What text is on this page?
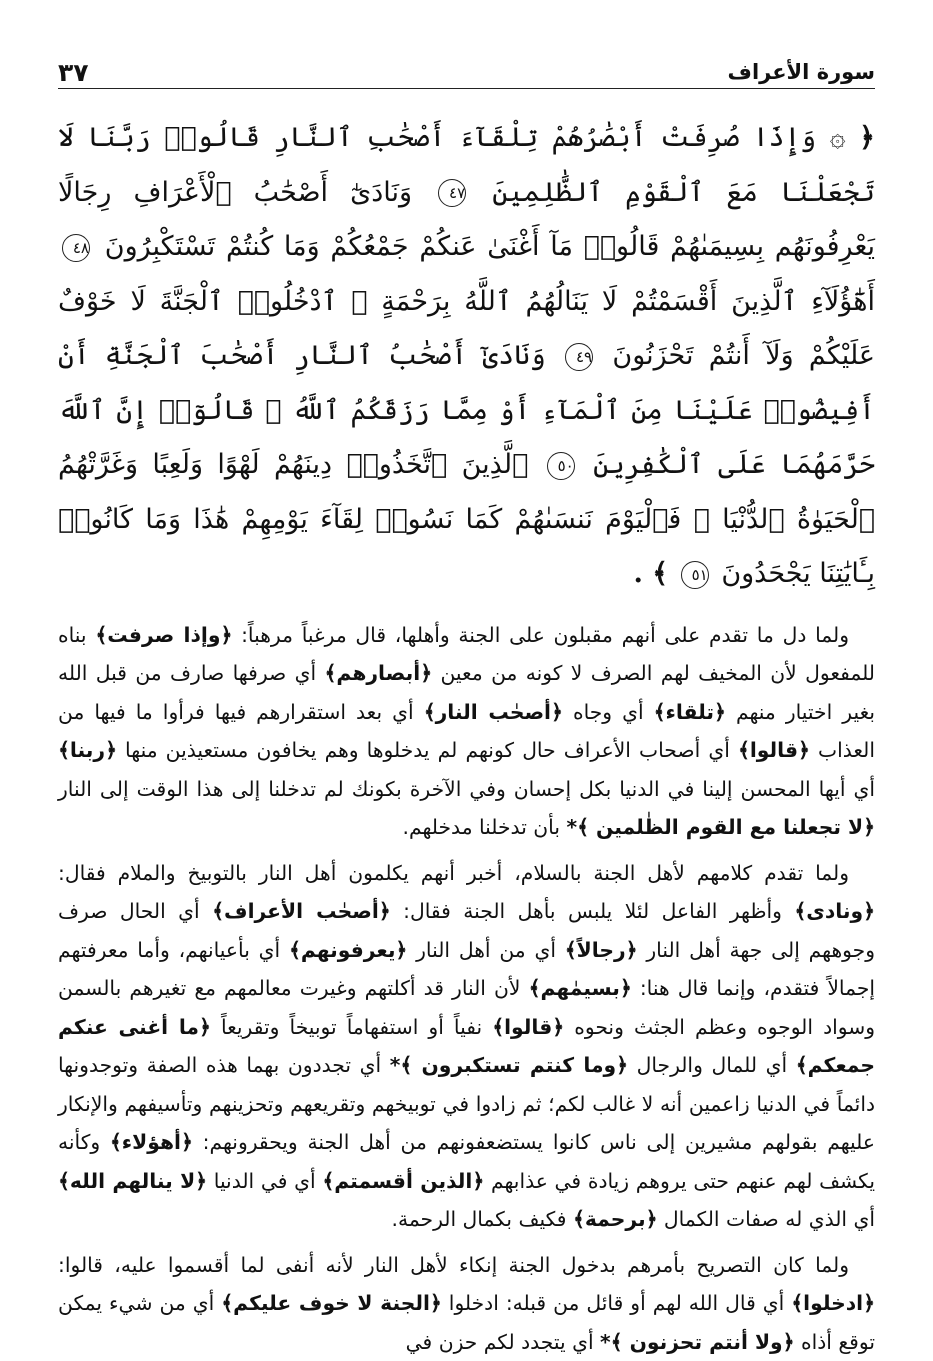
سورة الأعراف
٣٧
﴿ ۞ وَإِذَا صُرِفَتْ أَبْصَٰرُهُمْ تِلْقَآءَ أَصْحَٰبِ ٱلنَّارِ قَالُوا۟ رَبَّنَا لَا تَجْعَلْنَا مَعَ ٱلْقَوْمِ ٱلظَّٰلِمِينَ ٤٧ وَنَادَىٰٓ أَصْحَٰبُ ٱلْأَعْرَافِ رِجَالًا يَعْرِفُونَهُم بِسِيمَىٰهُمْ قَالُوا۟ مَآ أَغْنَىٰ عَنكُمْ جَمْعُكُمْ وَمَا كُنتُمْ تَسْتَكْبِرُونَ ٤٨ أَهَٰٓؤُلَآءِ ٱلَّذِينَ أَقْسَمْتُمْ لَا يَنَالُهُمُ ٱللَّهُ بِرَحْمَةٍ ۚ ٱدْخُلُوا۟ ٱلْجَنَّةَ لَا خَوْفٌ عَلَيْكُمْ وَلَآ أَنتُمْ تَحْزَنُونَ ٤٩ وَنَادَىٰٓ أَصْحَٰبُ ٱلنَّارِ أَصْحَٰبَ ٱلْجَنَّةِ أَنْ أَفِيضُوا۟ عَلَيْنَا مِنَ ٱلْمَآءِ أَوْ مِمَّا رَزَقَكُمُ ٱللَّهُ ۚ قَالُوٓا۟ إِنَّ ٱللَّهَ حَرَّمَهُمَا عَلَى ٱلْكَٰفِرِينَ ٥٠ ٱلَّذِينَ ٱتَّخَذُوا۟ دِينَهُمْ لَهْوًا وَلَعِبًا وَغَرَّتْهُمُ ٱلْحَيَوٰةُ ٱلدُّنْيَا ۚ فَٱلْيَوْمَ نَنسَىٰهُمْ كَمَا نَسُوا۟ لِقَآءَ يَوْمِهِمْ هَٰذَا وَمَا كَانُوا۟ بِـَٔايَٰتِنَا يَجْحَدُونَ ٥١ ﴾ .

ولما دل ما تقدم على أنهم مقبلون على الجنة وأهلها، قال مرغباً مرهباً: ﴿وإذا صرفت﴾ بناه للمفعول لأن المخيف لهم الصرف لا كونه من معين ﴿أبصارهم﴾ أي صرفها صارف من قبل الله بغير اختيار منهم ﴿تلقاء﴾ أي وجاه ﴿أصحٰب النار﴾ أي بعد استقرارهم فيها فرأوا ما فيها من العذاب ﴿قالوا﴾ أي أصحاب الأعراف حال كونهم لم يدخلوها وهم يخافون مستعيذين منها ﴿ربنا﴾ أي أيها المحسن إلينا في الدنيا بكل إحسان وفي الآخرة بكونك لم تدخلنا إلى هذا الوقت إلى النار ﴿لا تجعلنا مع القوم الظٰلمين ﴾* بأن تدخلنا مدخلهم.

ولما تقدم كلامهم لأهل الجنة بالسلام، أخبر أنهم يكلمون أهل النار بالتوبيخ والملام فقال: ﴿ونادى﴾ وأظهر الفاعل لئلا يلبس بأهل الجنة فقال: ﴿أصحٰب الأعراف﴾ أي الحال صرف وجوههم إلى جهة أهل النار ﴿رجالاً﴾ أي من أهل النار ﴿يعرفونهم﴾ أي بأعيانهم، وأما معرفتهم إجمالاً فتقدم، وإنما قال هنا: ﴿بسيمٰهم﴾ لأن النار قد أكلتهم وغيرت معالمهم مع تغيرهم بالسمن وسواد الوجوه وعظم الجثث ونحوه ﴿قالوا﴾ نفياً أو استفهاماً توبيخاً وتقريعاً ﴿ما أغنى عنكم جمعكم﴾ أي للمال والرجال ﴿وما كنتم تستكبرون ﴾* أي تجددون بهما هذه الصفة وتوجدونها دائماً في الدنيا زاعمين أنه لا غالب لكم؛ ثم زادوا في توبيخهم وتقريعهم وتحزينهم وتأسيفهم والإنكار عليهم بقولهم مشيرين إلى ناس كانوا يستضعفونهم من أهل الجنة ويحقرونهم: ﴿أهؤلاء﴾ وكأنه يكشف لهم عنهم حتى يروهم زيادة في عذابهم ﴿الذين أقسمتم﴾ أي في الدنيا ﴿لا ينالهم الله﴾ أي الذي له صفات الكمال ﴿برحمة﴾ فكيف بكمال الرحمة.

ولما كان التصريح بأمرهم بدخول الجنة إنكاء لأهل النار لأنه أنفى لما أقسموا عليه، قالوا: ﴿ادخلوا﴾ أي قال الله لهم أو قائل من قبله: ادخلوا ﴿الجنة لا خوف عليكم﴾ أي من شيء يمكن توقع أذاه ﴿ولا أنتم تحزنون ﴾* أي يتجدد لكم حزن في
